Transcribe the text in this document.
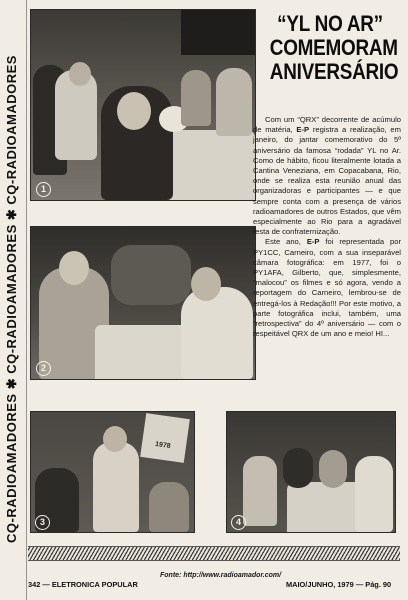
CQ-RADIOAMADORES ✱ CQ-RADIOAMADORES ✱ CQ-RADIOAMADORES	1
“YL NO AR”
COMEMORAM
ANIVERSÁRIO
2

Com um “QRX” decorrente de acúmulo de matéria, E-P registra a realização, em janeiro, do jantar comemorativo do 5º aniversário da famosa “rodada” YL no Ar. Como de hábito, ficou literalmente lotada a Cantina Veneziana, em Copacabana, Rio, onde se realiza esta reunião anual das organizadoras e participantes — e que sempre conta com a presença de vários radioamadores de outros Estados, que vêm especialmente ao Rio para a agradável festa de confraternização.

Este ano, E-P foi representada por PY1CC, Carneiro, com a sua inseparável câmara fotográfica: em 1977, foi o PY1AFA, Gilberto, que, simplesmente, “malocou” os filmes e só agora, vendo a reportagem do Carneiro, lembrou-se de entregá-los à Redação!!! Por este motivo, a parte fotográfica inclui, também, uma “retrospectiva” do 4º aniversário — com o respeitável QRX de um ano e meio! HI...

1978
3	4
342 — ELETRONICA POPULAR
Fonte: http://www.radioamador.com/
MAIO/JUNHO, 1979 — Pág. 90
